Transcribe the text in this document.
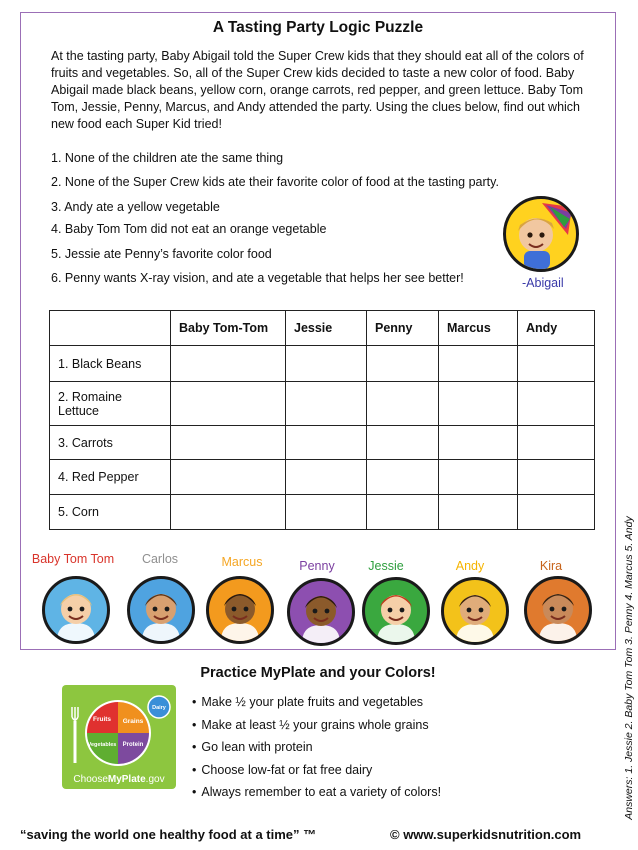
A Tasting Party Logic Puzzle
At the tasting party, Baby Abigail told the Super Crew kids that they should eat all of the colors of fruits and vegetables. So, all of the Super Crew kids decided to taste a new color of food. Baby Abigail made black beans, yellow corn, orange carrots, red pepper, and green lettuce. Baby Tom Tom, Jessie, Penny, Marcus, and Andy attended the party. Using the clues below, find out which new food each Super Kid tried!
1. None of the children ate the same thing
2. None of the Super Crew kids ate their favorite color of food at the tasting party.
3. Andy ate a yellow vegetable
4. Baby Tom Tom did not eat an orange vegetable
5. Jessie ate Penny’s favorite color food
6. Penny wants X-ray vision, and ate a vegetable that helps her see better!	-Abigail
	Baby Tom-Tom	Jessie	Penny	Marcus	Andy
1. Black Beans					
2. Romaine Lettuce					
3. Carrots					
4. Red Pepper					
5. Corn					
Baby Tom Tom	Carlos	Marcus	Penny	Jessie	Andy	Kira
Practice MyPlate and your Colors!
Fruits Grains
Vegetables Protein
Dairy
ChooseMyPlate.gov
• Make ½ your plate fruits and vegetables
• Make at least ½ your grains whole grains
• Go lean with protein
• Choose low-fat or fat free dairy
• Always remember to eat a variety of colors!	Answers: 1. Jessie 2. Baby Tom Tom 3. Penny 4. Marcus 5. Andy
“saving the world one healthy food at a time” ™	© www.superkidsnutrition.com
